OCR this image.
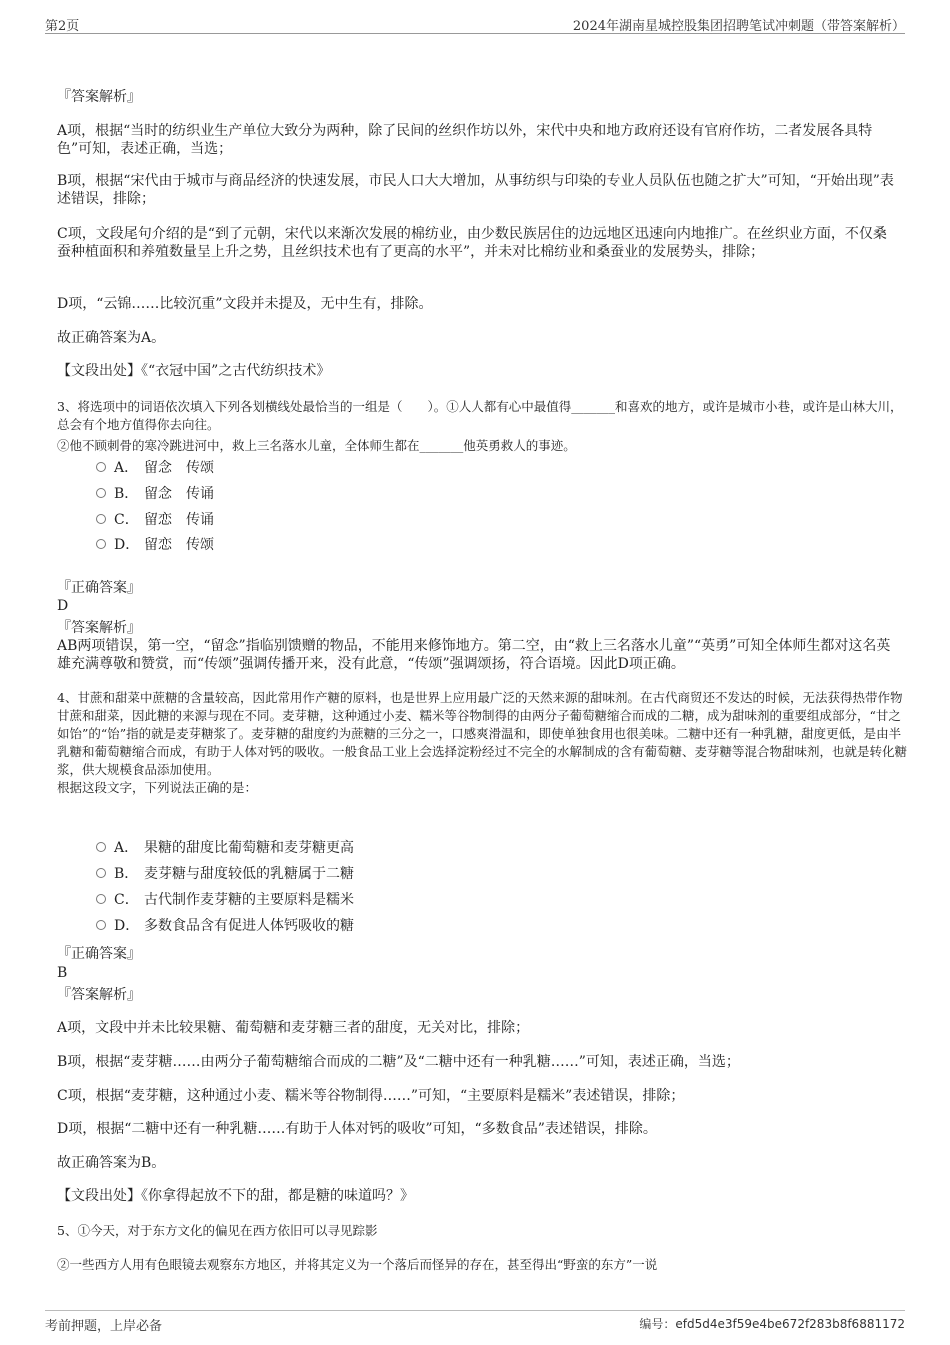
第2页	2024年湖南星城控股集团招聘笔试冲刺题（带答案解析）
『答案解析』
A项，根据“当时的纺织业生产单位大致分为两种，除了民间的丝织作坊以外，宋代中央和地方政府还设有官府作坊，二者发展各具特色”可知，表述正确，当选；
B项，根据“宋代由于城市与商品经济的快速发展，市民人口大大增加，从事纺织与印染的专业人员队伍也随之扩大”可知，“开始出现”表述错误，排除；
C项，文段尾句介绍的是“到了元朝，宋代以来渐次发展的棉纺业，由少数民族居住的边远地区迅速向内地推广。在丝织业方面，不仅桑蚕种植面积和养殖数量呈上升之势，且丝织技术也有了更高的水平”，并未对比棉纺业和桑蚕业的发展势头，排除；
D项，“云锦……比较沉重”文段并未提及，无中生有，排除。
故正确答案为A。
【文段出处】《“衣冠中国”之古代纺织技术》
3、将选项中的词语依次填入下列各划横线处最恰当的一组是（　　）。①人人都有心中最值得_______和喜欢的地方，或许是城市小巷，或许是山林大川，总会有个地方值得你去向往。
②他不顾刺骨的寒冷跳进河中，救上三名落水儿童，全体师生都在_______他英勇救人的事迹。
A． 留念　传颂
B． 留念　传诵
C． 留恋　传诵
D． 留恋　传颂
『正确答案』
D
『答案解析』
AB两项错误，第一空，“留念”指临别馈赠的物品，不能用来修饰地方。第二空，由“救上三名落水儿童”“英勇”可知全体师生都对这名英雄充满尊敬和赞赏，而“传颂”强调传播开来，没有此意，“传颂”强调颂扬，符合语境。因此D项正确。
4、甘蔗和甜菜中蔗糖的含量较高，因此常用作产糖的原料，也是世界上应用最广泛的天然来源的甜味剂。在古代商贸还不发达的时候，无法获得热带作物甘蔗和甜菜，因此糖的来源与现在不同。麦芽糖，这种通过小麦、糯米等谷物制得的由两分子葡萄糖缩合而成的二糖，成为甜味剂的重要组成部分，“甘之如饴”的“饴”指的就是麦芽糖浆了。麦芽糖的甜度约为蔗糖的三分之一，口感爽滑温和，即使单独食用也很美味。二糖中还有一种乳糖，甜度更低，是由半乳糖和葡萄糖缩合而成，有助于人体对钙的吸收。一般食品工业上会选择淀粉经过不完全的水解制成的含有葡萄糖、麦芽糖等混合物甜味剂，也就是转化糖浆，供大规模食品添加使用。
根据这段文字，下列说法正确的是：
A． 果糖的甜度比葡萄糖和麦芽糖更高
B． 麦芽糖与甜度较低的乳糖属于二糖
C． 古代制作麦芽糖的主要原料是糯米
D． 多数食品含有促进人体钙吸收的糖
『正确答案』
B
『答案解析』
A项，文段中并未比较果糖、葡萄糖和麦芽糖三者的甜度，无关对比，排除；
B项，根据“麦芽糖……由两分子葡萄糖缩合而成的二糖”及“二糖中还有一种乳糖……”可知，表述正确，当选；
C项，根据“麦芽糖，这种通过小麦、糯米等谷物制得……”可知，“主要原料是糯米”表述错误，排除；
D项，根据“二糖中还有一种乳糖……有助于人体对钙的吸收”可知，“多数食品”表述错误，排除。
故正确答案为B。
【文段出处】《你拿得起放不下的甜，都是糖的味道吗？》
5、①今天，对于东方文化的偏见在西方依旧可以寻见踪影
②一些西方人用有色眼镜去观察东方地区，并将其定义为一个落后而怪异的存在，甚至得出“野蛮的东方”一说
考前押题，上岸必备	编号：efd5d4e3f59e4be672f283b8f6881172
